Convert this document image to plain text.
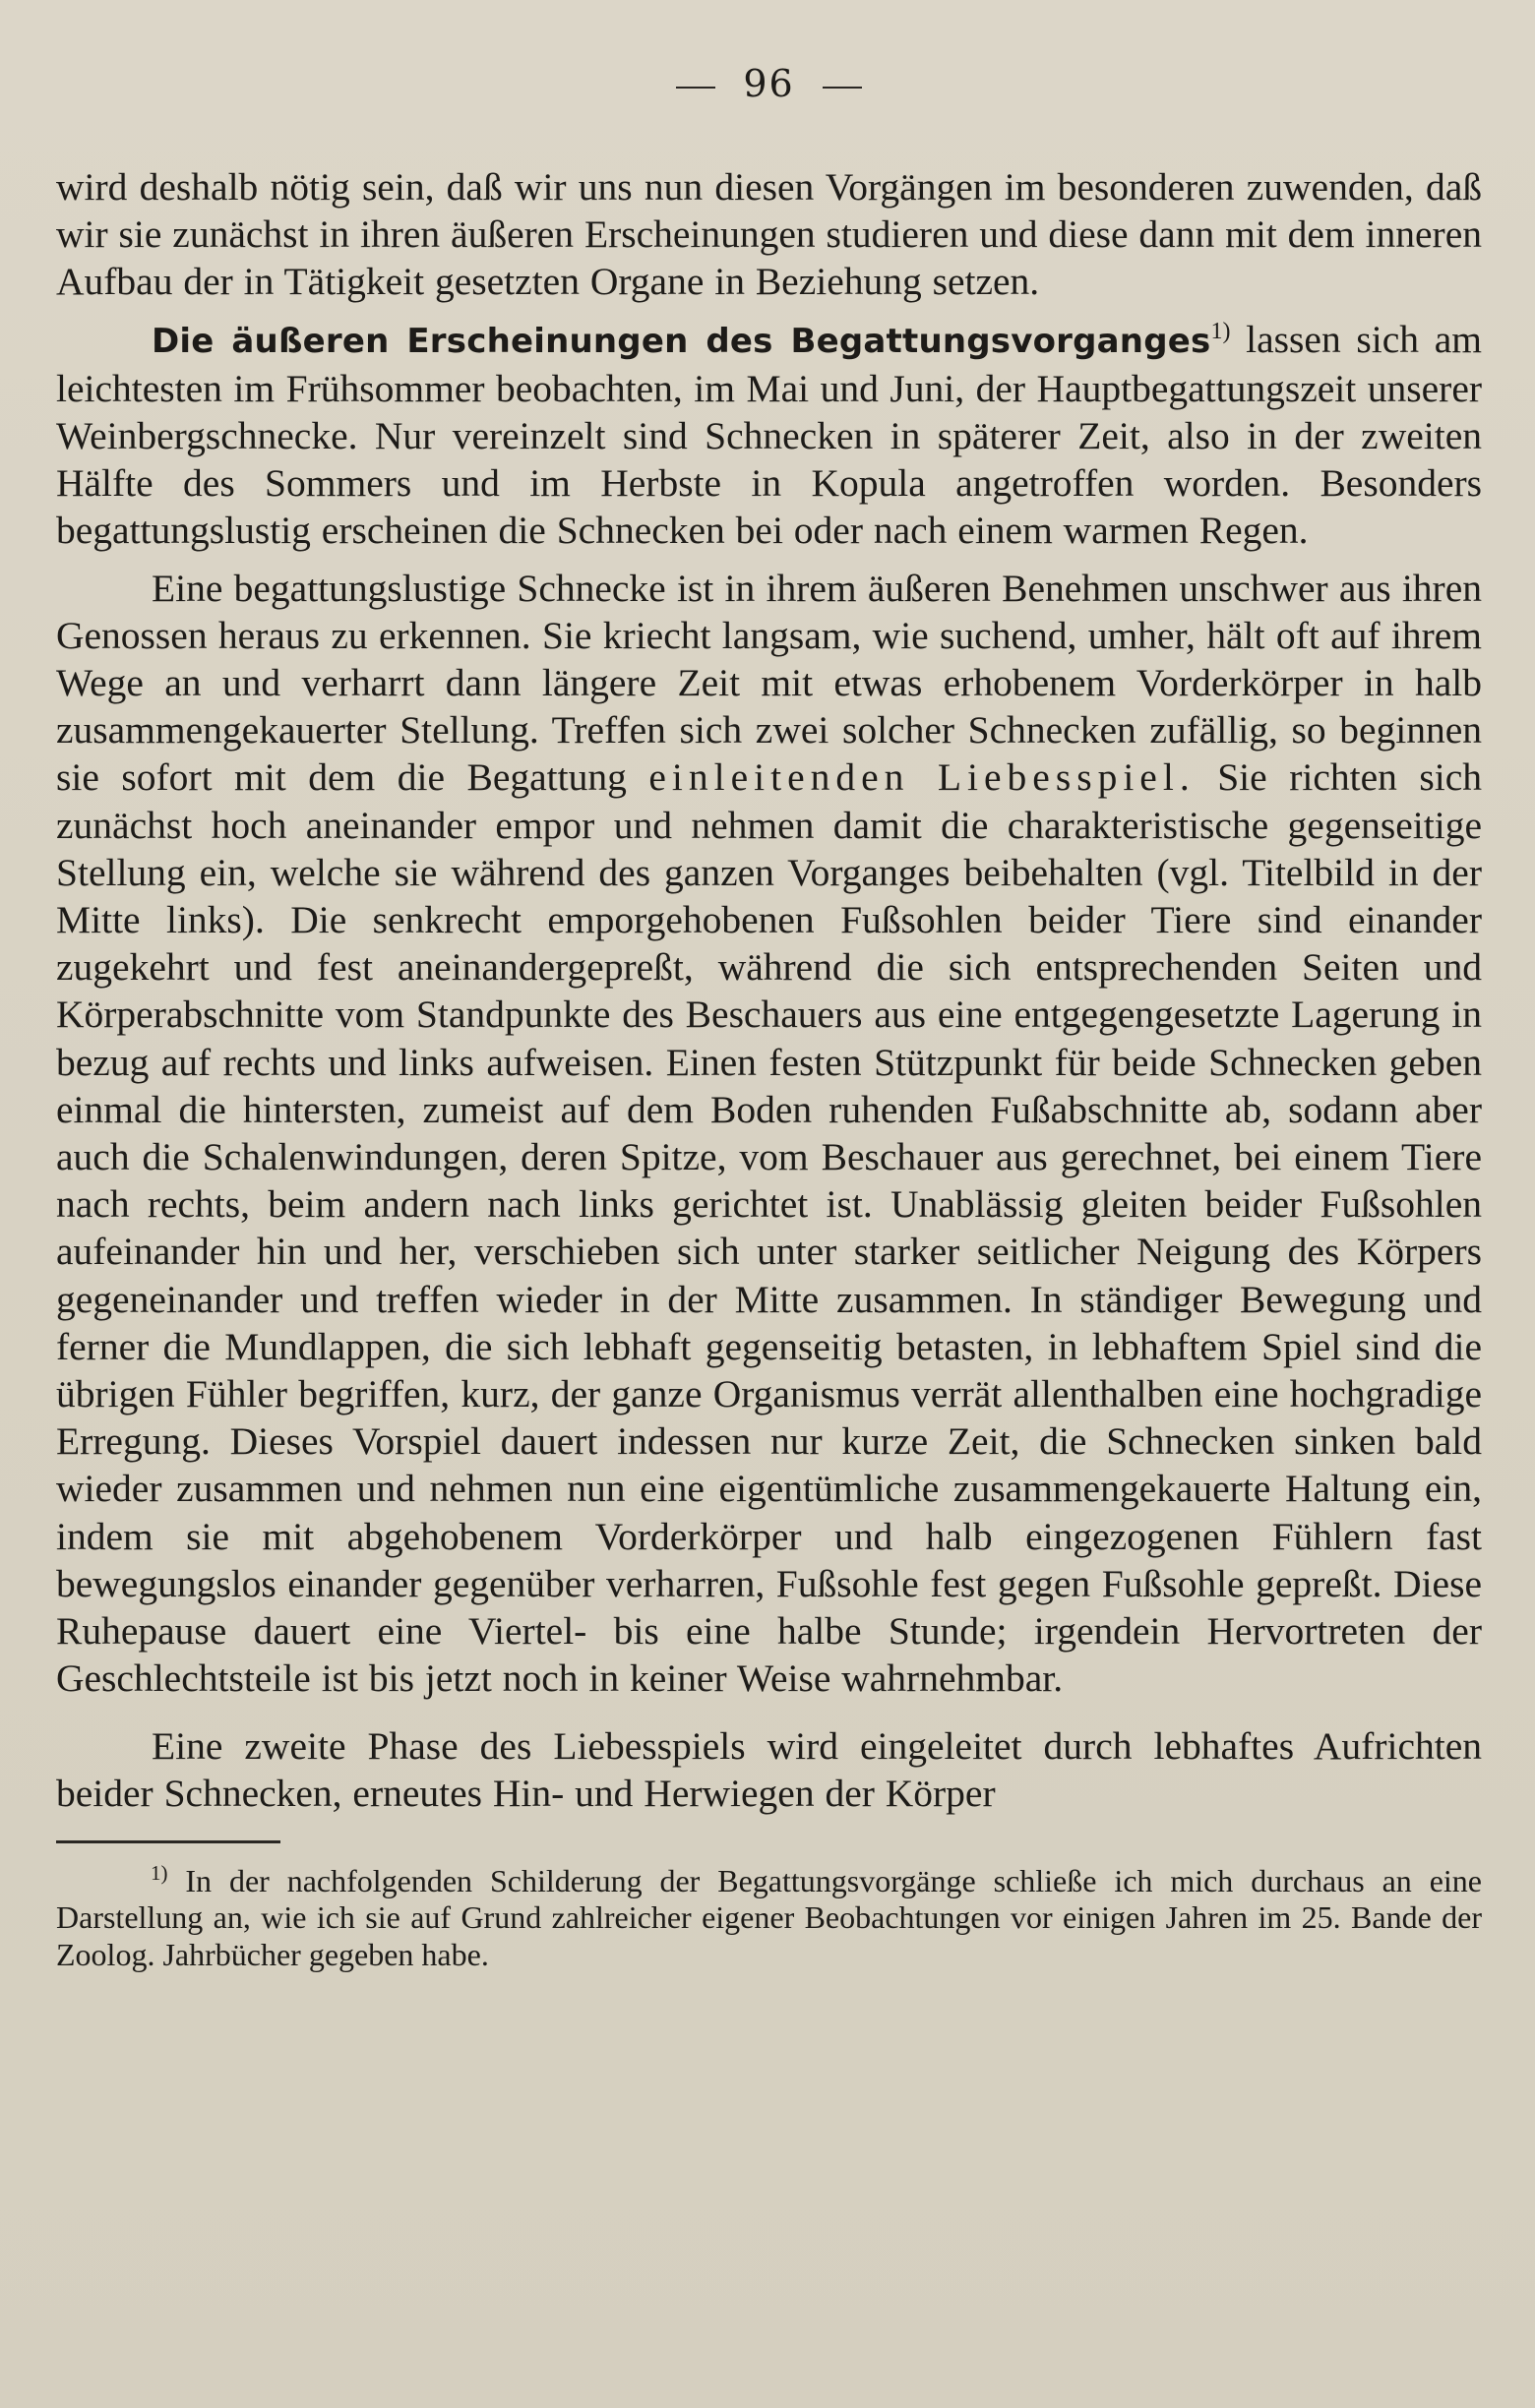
96

wird deshalb nötig sein, daß wir uns nun diesen Vorgängen im besonderen zuwenden, daß wir sie zunächst in ihren äußeren Erscheinungen studieren und diese dann mit dem inneren Aufbau der in Tätigkeit gesetzten Organe in Beziehung setzen.

Die äußeren Erscheinungen des Begattungsvorganges$^{1)}$ lassen sich am leichtesten im Frühsommer beobachten, im Mai und Juni, der Hauptbegattungszeit unserer Weinbergschnecke. Nur vereinzelt sind Schnecken in späterer Zeit, also in der zweiten Hälfte des Sommers und im Herbste in Kopula angetroffen worden. Besonders begattungslustig erscheinen die Schnecken bei oder nach einem warmen Regen.

Eine begattungslustige Schnecke ist in ihrem äußeren Benehmen unschwer aus ihren Genossen heraus zu erkennen. Sie kriecht langsam, wie suchend, umher, hält oft auf ihrem Wege an und verharrt dann längere Zeit mit etwas erhobenem Vorderkörper in halb zusammengekauerter Stellung. Treffen sich zwei solcher Schnecken zufällig, so beginnen sie sofort mit dem die Begattung einleitenden Liebesspiel. Sie richten sich zunächst hoch aneinander empor und nehmen damit die charakteristische gegenseitige Stellung ein, welche sie während des ganzen Vorganges beibehalten (vgl. Titelbild in der Mitte links). Die senkrecht emporgehobenen Fußsohlen beider Tiere sind einander zugekehrt und fest aneinandergepreßt, während die sich entsprechenden Seiten und Körperabschnitte vom Standpunkte des Beschauers aus eine entgegengesetzte Lagerung in bezug auf rechts und links aufweisen. Einen festen Stützpunkt für beide Schnecken geben einmal die hintersten, zumeist auf dem Boden ruhenden Fußabschnitte ab, sodann aber auch die Schalenwindungen, deren Spitze, vom Beschauer aus gerechnet, bei einem Tiere nach rechts, beim andern nach links gerichtet ist. Unablässig gleiten beider Fußsohlen aufeinander hin und her, verschieben sich unter starker seitlicher Neigung des Körpers gegeneinander und treffen wieder in der Mitte zusammen. In ständiger Bewegung und ferner die Mundlappen, die sich lebhaft gegenseitig betasten, in lebhaftem Spiel sind die übrigen Fühler begriffen, kurz, der ganze Organismus verrät allenthalben eine hochgradige Erregung. Dieses Vorspiel dauert indessen nur kurze Zeit, die Schnecken sinken bald wieder zusammen und nehmen nun eine eigentümliche zusammengekauerte Haltung ein, indem sie mit abgehobenem Vorderkörper und halb eingezogenen Fühlern fast bewegungslos einander gegenüber verharren, Fußsohle fest gegen Fußsohle gepreßt. Diese Ruhepause dauert eine Viertel- bis eine halbe Stunde; irgendein Hervortreten der Geschlechtsteile ist bis jetzt noch in keiner Weise wahrnehmbar.

Eine zweite Phase des Liebesspiels wird eingeleitet durch lebhaftes Aufrichten beider Schnecken, erneutes Hin- und Herwiegen der Körper

$^{1)}$ In der nachfolgenden Schilderung der Begattungsvorgänge schließe ich mich durchaus an eine Darstellung an, wie ich sie auf Grund zahlreicher eigener Beobachtungen vor einigen Jahren im 25. Bande der Zoolog. Jahrbücher gegeben habe.
